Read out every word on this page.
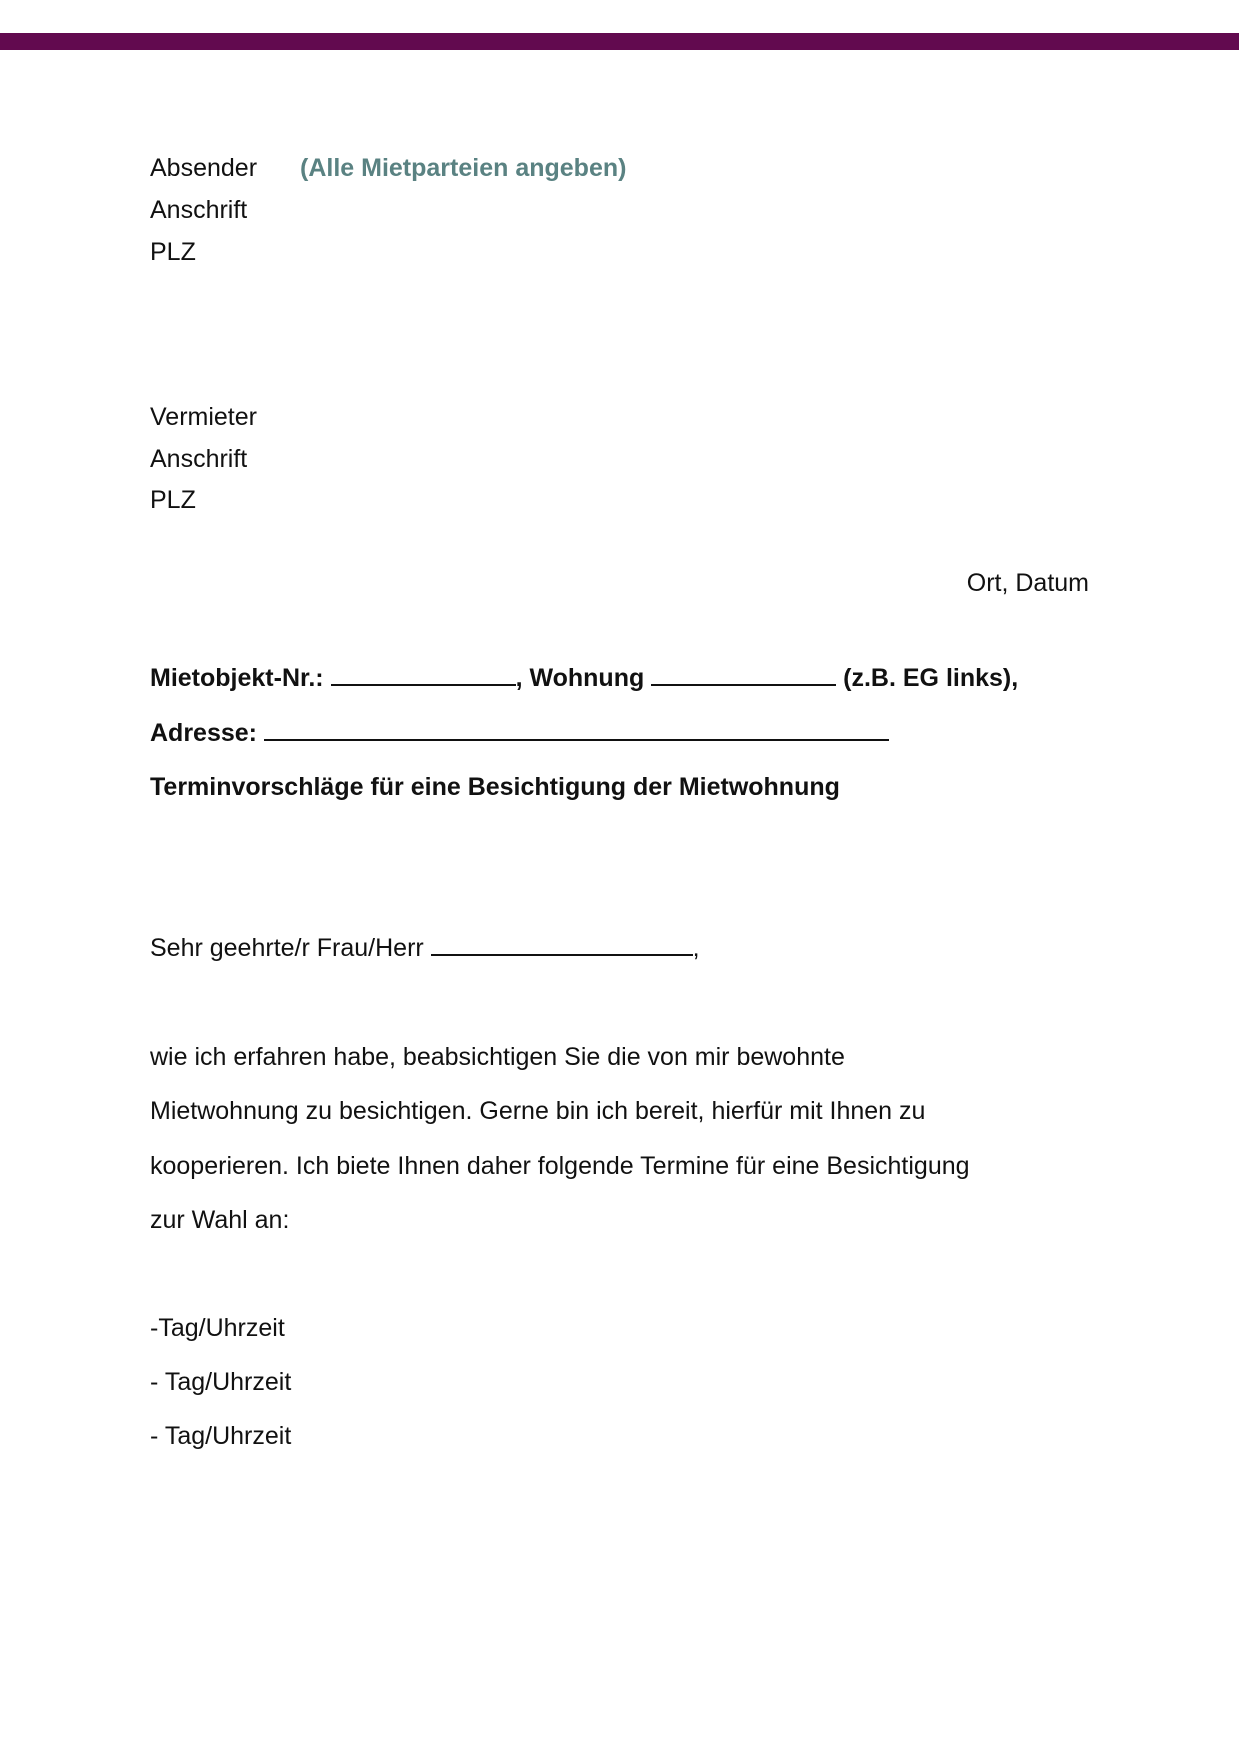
Absender (Alle Mietparteien angeben)
Anschrift
PLZ
Vermieter
Anschrift
PLZ
Ort, Datum
Mietobjekt-Nr.:	, Wohnung	(z.B. EG links),
Adresse:
Terminvorschläge für eine Besichtigung der Mietwohnung
Sehr geehrte/r Frau/Herr	,
wie ich erfahren habe, beabsichtigen Sie die von mir bewohnte
Mietwohnung zu besichtigen. Gerne bin ich bereit, hierfür mit Ihnen zu
kooperieren. Ich biete Ihnen daher folgende Termine für eine Besichtigung
zur Wahl an:
-Tag/Uhrzeit
- Tag/Uhrzeit
- Tag/Uhrzeit
